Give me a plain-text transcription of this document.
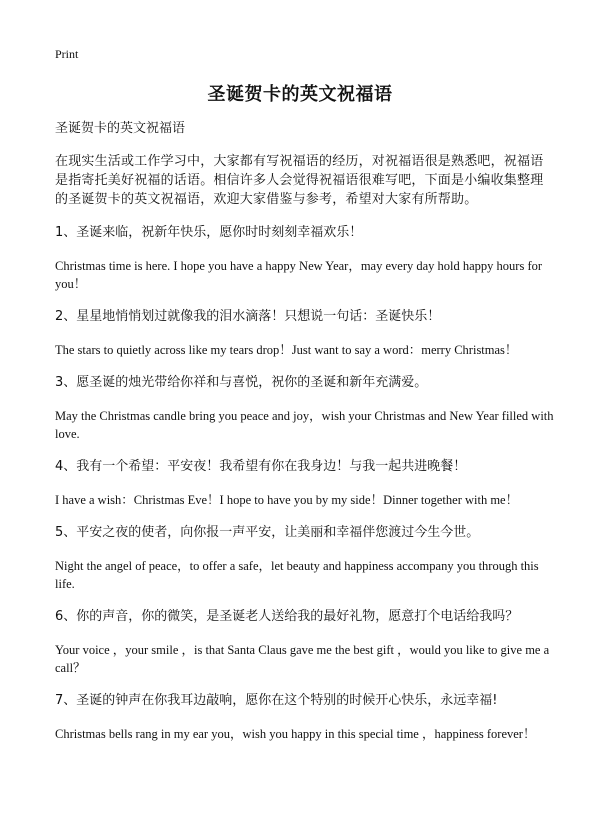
Print
圣诞贺卡的英文祝福语

圣诞贺卡的英文祝福语

在现实生活或工作学习中，大家都有写祝福语的经历，对祝福语很是熟悉吧，祝福语是指寄托美好祝福的话语。相信许多人会觉得祝福语很难写吧，下面是小编收集整理的圣诞贺卡的英文祝福语，欢迎大家借鉴与参考，希望对大家有所帮助。

1、圣诞来临，祝新年快乐，愿你时时刻刻幸福欢乐！

Christmas time is here. I hope you have a happy New Year，may every day hold happy hours for you！

2、星星地悄悄划过就像我的泪水滴落！只想说一句话：圣诞快乐！

The stars to quietly across like my tears drop！Just want to say a word：merry Christmas！

3、愿圣诞的烛光带给你祥和与喜悦，祝你的圣诞和新年充满爱。

May the Christmas candle bring you peace and joy，wish your Christmas and New Year filled with love.

4、我有一个希望：平安夜！我希望有你在我身边！与我一起共进晚餐！

I have a wish：Christmas Eve！I hope to have you by my side！Dinner together with me！

5、平安之夜的使者，向你报一声平安，让美丽和幸福伴您渡过今生今世。

Night the angel of peace，to offer a safe，let beauty and happiness accompany you through this life.

6、你的声音，你的微笑，是圣诞老人送给我的最好礼物，愿意打个电话给我吗？

Your voice ，your smile ，is that Santa Claus gave me the best gift ，would you like to give me a call？

7、圣诞的钟声在你我耳边敲响，愿你在这个特别的时候开心快乐，永远幸福!

Christmas bells rang in my ear you，wish you happy in this special time ，happiness forever！
